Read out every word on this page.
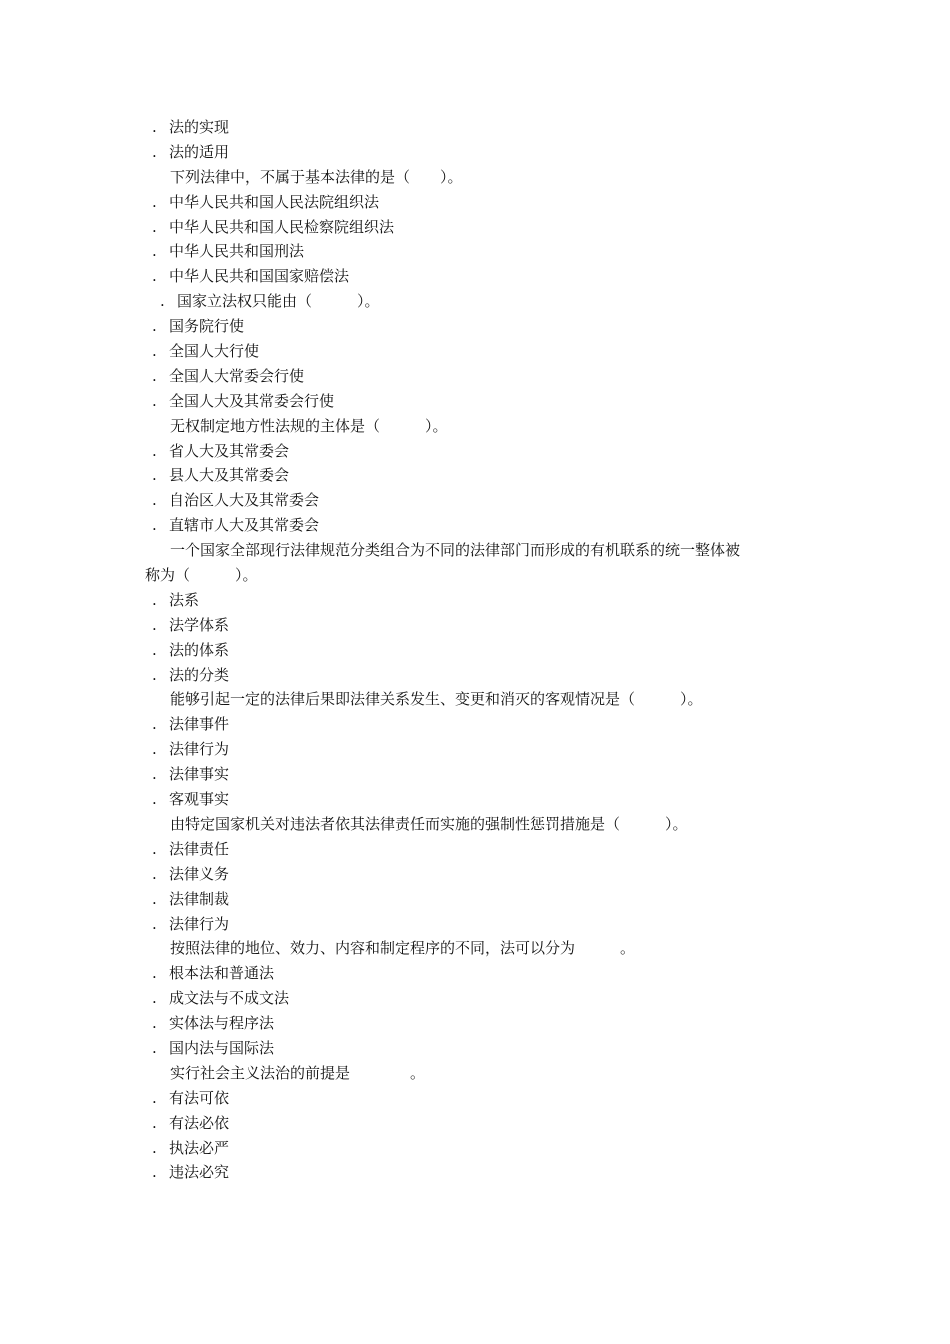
. 法的实现
. 法的适用
下列法律中，不属于基本法律的是（　　）。
. 中华人民共和国人民法院组织法
. 中华人民共和国人民检察院组织法
. 中华人民共和国刑法
. 中华人民共和国国家赔偿法
. 国家立法权只能由（　　　）。
. 国务院行使
. 全国人大行使
. 全国人大常委会行使
. 全国人大及其常委会行使
无权制定地方性法规的主体是（　　　）。
. 省人大及其常委会
. 县人大及其常委会
. 自治区人大及其常委会
. 直辖市人大及其常委会
一个国家全部现行法律规范分类组合为不同的法律部门而形成的有机联系的统一整体被
称为（　　　）。
. 法系
. 法学体系
. 法的体系
. 法的分类
能够引起一定的法律后果即法律关系发生、变更和消灭的客观情况是（　　　）。
. 法律事件
. 法律行为
. 法律事实
. 客观事实
由特定国家机关对违法者依其法律责任而实施的强制性惩罚措施是（　　　）。
. 法律责任
. 法律义务
. 法律制裁
. 法律行为
按照法律的地位、效力、内容和制定程序的不同，法可以分为　　　。
. 根本法和普通法
. 成文法与不成文法
. 实体法与程序法
. 国内法与国际法
实行社会主义法治的前提是　　　　。
. 有法可依
. 有法必依
. 执法必严
. 违法必究
